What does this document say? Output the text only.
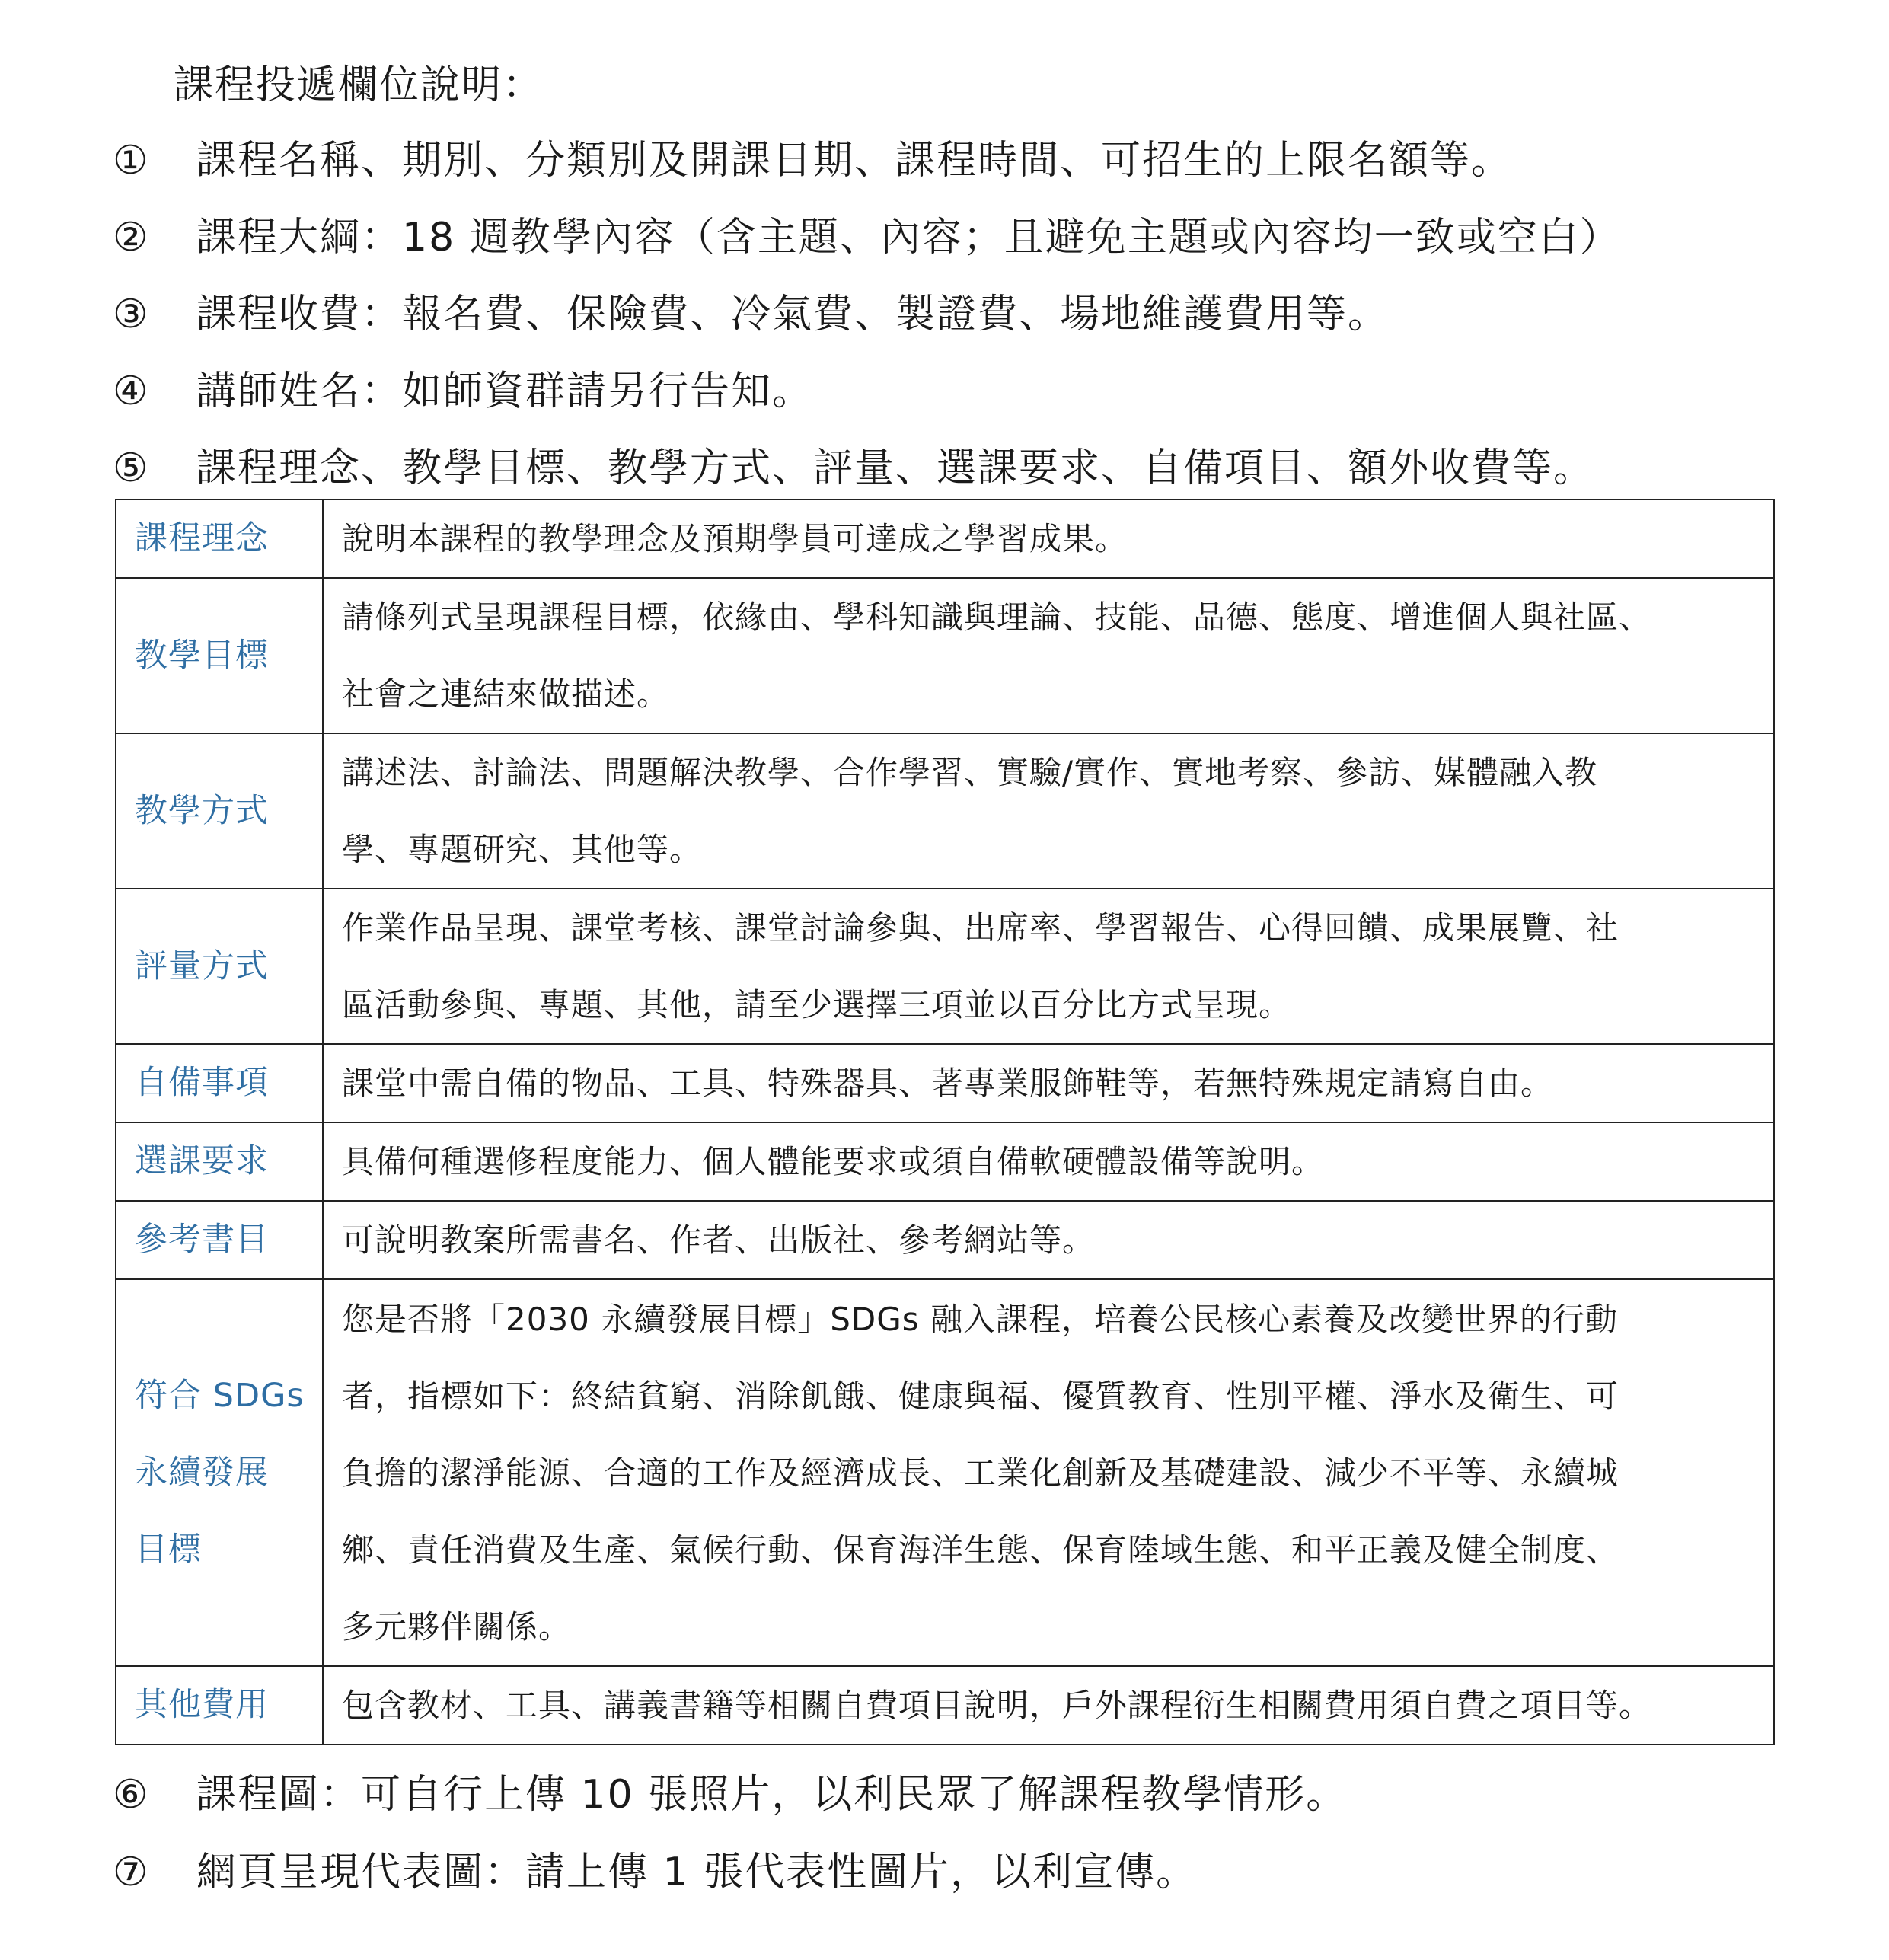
課程投遞欄位說明：
①	課程名稱、期別、分類別及開課日期、課程時間、可招生的上限名額等。
②	課程大綱：18 週教學內容（含主題、內容；且避免主題或內容均一致或空白）
③	課程收費：報名費、保險費、冷氣費、製證費、場地維護費用等。
④	講師姓名：如師資群請另行告知。
⑤	課程理念、教學目標、教學方式、評量、選課要求、自備項目、額外收費等。
課程理念	說明本課程的教學理念及預期學員可達成之學習成果。

教學目標	請條列式呈現課程目標，依緣由、學科知識與理論、技能、品德、態度、增進個人與社區、
社會之連結來做描述。

教學方式	講述法、討論法、問題解決教學、合作學習、實驗/實作、實地考察、參訪、媒體融入教
學、專題研究、其他等。

評量方式	作業作品呈現、課堂考核、課堂討論參與、出席率、學習報告、心得回饋、成果展覽、社
區活動參與、專題、其他，請至少選擇三項並以百分比方式呈現。

自備事項	課堂中需自備的物品、工具、特殊器具、著專業服飾鞋等，若無特殊規定請寫自由。

選課要求	具備何種選修程度能力、個人體能要求或須自備軟硬體設備等說明。

參考書目	可說明教案所需書名、作者、出版社、參考網站等。

符合 SDGs
永續發展
目標	您是否將「2030 永續發展目標」SDGs 融入課程，培養公民核心素養及改變世界的行動
者，指標如下：終結貧窮、消除飢餓、健康與福、優質教育、性別平權、淨水及衛生、可
負擔的潔淨能源、合適的工作及經濟成長、工業化創新及基礎建設、減少不平等、永續城
鄉、責任消費及生產、氣候行動、保育海洋生態、保育陸域生態、和平正義及健全制度、
多元夥伴關係。

其他費用	包含教材、工具、講義書籍等相關自費項目說明，戶外課程衍生相關費用須自費之項目等。
⑥	課程圖：可自行上傳 10 張照片，以利民眾了解課程教學情形。
⑦	網頁呈現代表圖：請上傳 1 張代表性圖片，以利宣傳。
